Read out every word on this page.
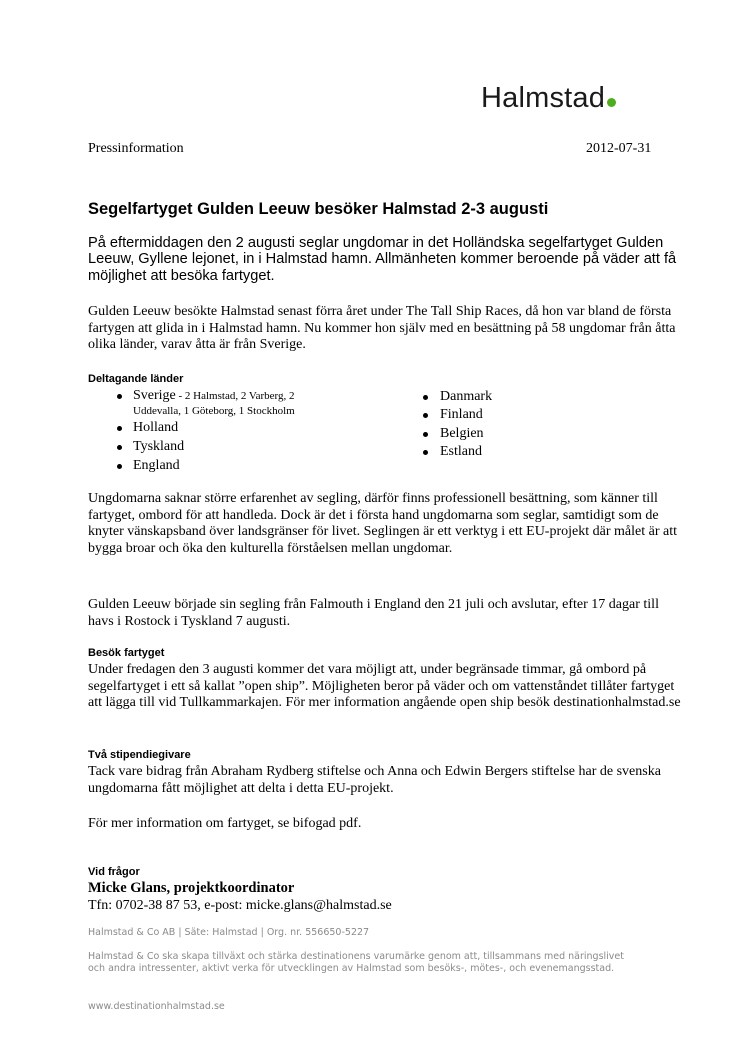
Halmstad
Pressinformation	2012-07-31
Segelfartyget Gulden Leeuw besöker Halmstad 2-3 augusti
På eftermiddagen den 2 augusti seglar ungdomar in det Holländska segelfartyget Gulden Leeuw, Gyllene lejonet, in i Halmstad hamn. Allmänheten kommer beroende på väder att få möjlighet att besöka fartyget.
Gulden Leeuw besökte Halmstad senast förra året under The Tall Ship Races, då hon var bland de första fartygen att glida in i Halmstad hamn. Nu kommer hon själv med en besättning på 58 ungdomar från åtta olika länder, varav åtta är från Sverige.
Deltagande länder
Sverige - 2 Halmstad, 2 Varberg, 2
Uddevalla, 1 Göteborg, 1 Stockholm
Holland
Tyskland
England
Danmark
Finland
Belgien
Estland
Ungdomarna saknar större erfarenhet av segling, därför finns professionell besättning, som känner till fartyget, ombord för att handleda. Dock är det i första hand ungdomarna som seglar, samtidigt som de knyter vänskapsband över landsgränser för livet. Seglingen är ett verktyg i ett EU-projekt där målet är att bygga broar och öka den kulturella förståelsen mellan ungdomar.
Gulden Leeuw började sin segling från Falmouth i England den 21 juli och avslutar, efter 17 dagar till havs i Rostock i Tyskland 7 augusti.
Besök fartyget
Under fredagen den 3 augusti kommer det vara möjligt att, under begränsade timmar, gå ombord på segelfartyget i ett så kallat ”open ship”. Möjligheten beror på väder och om vattenståndet tillåter fartyget att lägga till vid Tullkammarkajen. För mer information angående open ship besök destinationhalmstad.se
Två stipendiegivare
Tack vare bidrag från Abraham Rydberg stiftelse och Anna och Edwin Bergers stiftelse har de svenska ungdomarna fått möjlighet att delta i detta EU-projekt.
För mer information om fartyget, se bifogad pdf.
Vid frågor
Micke Glans, projektkoordinator
Tfn: 0702-38 87 53, e-post: micke.glans@halmstad.se
Halmstad & Co AB | Säte: Halmstad | Org. nr. 556650-5227
Halmstad & Co ska skapa tillväxt och stärka destinationens varumärke genom att, tillsammans med näringslivet och andra intressenter, aktivt verka för utvecklingen av Halmstad som besöks-, mötes-, och evenemangsstad.
www.destinationhalmstad.se
